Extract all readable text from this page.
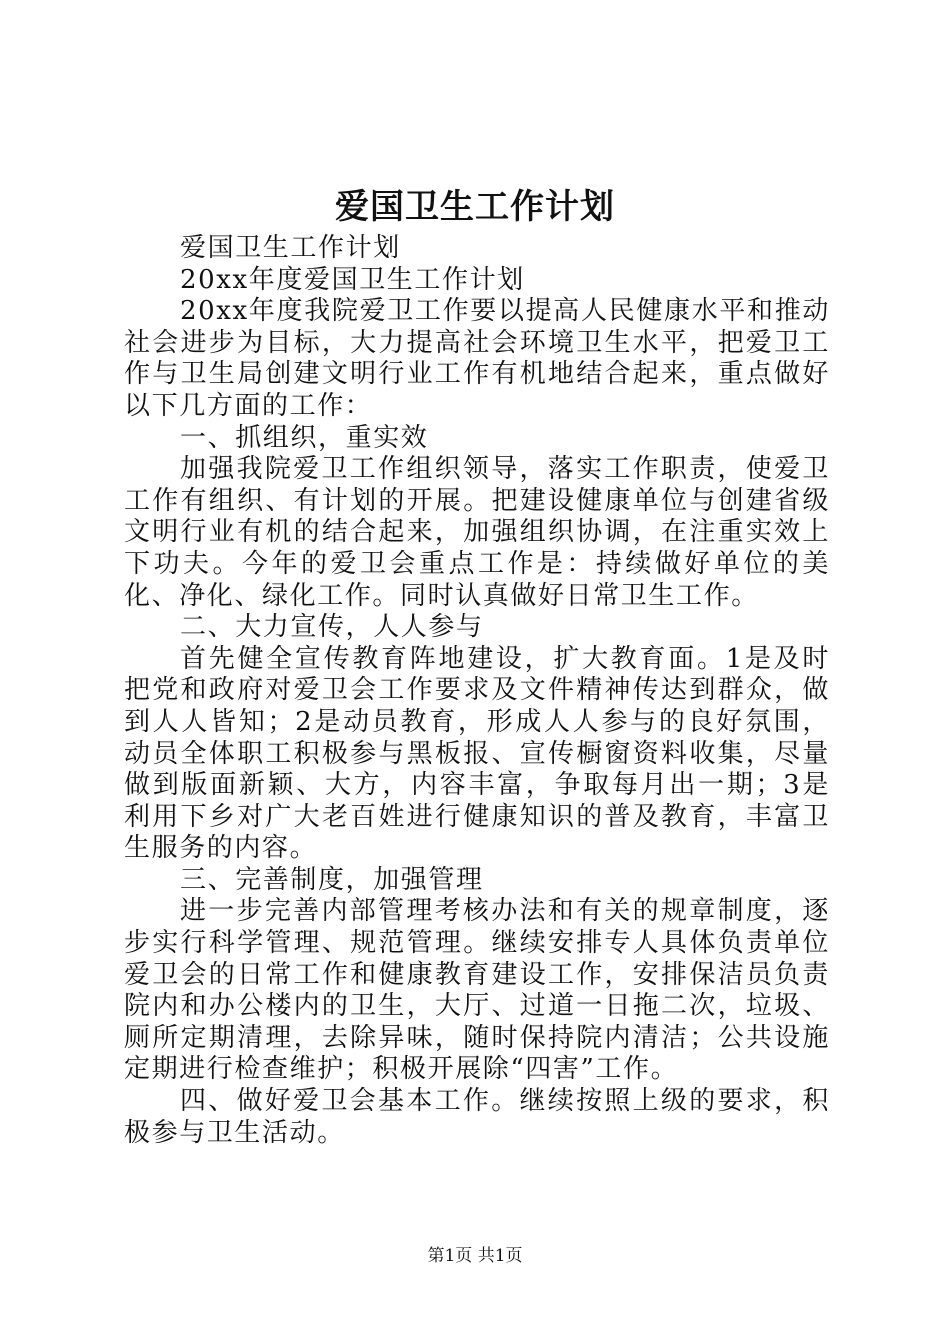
爱国卫生工作计划

爱国卫生工作计划

20xx年度爱国卫生工作计划

20xx年度我院爱卫工作要以提高人民健康水平和推动社会进步为目标，大力提高社会环境卫生水平，把爱卫工作与卫生局创建文明行业工作有机地结合起来，重点做好以下几方面的工作：

一、抓组织，重实效

加强我院爱卫工作组织领导，落实工作职责，使爱卫工作有组织、有计划的开展。把建设健康单位与创建省级文明行业有机的结合起来，加强组织协调，在注重实效上下功夫。今年的爱卫会重点工作是：持续做好单位的美化、净化、绿化工作。同时认真做好日常卫生工作。

二、大力宣传，人人参与

首先健全宣传教育阵地建设，扩大教育面。1是及时把党和政府对爱卫会工作要求及文件精神传达到群众，做到人人皆知；2是动员教育，形成人人参与的良好氛围，动员全体职工积极参与黑板报、宣传橱窗资料收集，尽量做到版面新颖、大方，内容丰富，争取每月出一期；3是利用下乡对广大老百姓进行健康知识的普及教育，丰富卫生服务的内容。

三、完善制度，加强管理

进一步完善内部管理考核办法和有关的规章制度，逐步实行科学管理、规范管理。继续安排专人具体负责单位爱卫会的日常工作和健康教育建设工作，安排保洁员负责院内和办公楼内的卫生，大厅、过道一日拖二次，垃圾、厕所定期清理，去除异味，随时保持院内清洁；公共设施定期进行检查维护；积极开展除“四害”工作。

四、做好爱卫会基本工作。继续按照上级的要求，积极参与卫生活动。

第1页 共1页
